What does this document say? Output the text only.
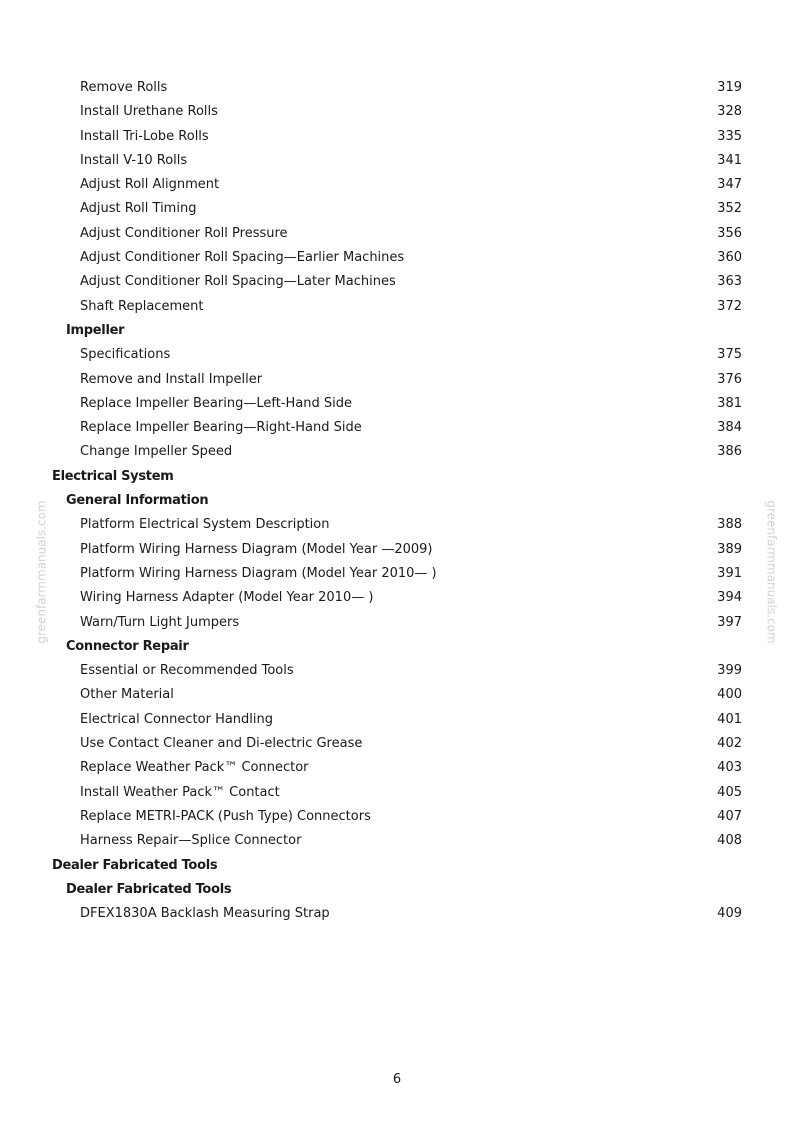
greenfarmmanuals.com	greenfarmmanuals.com
Remove Rolls	319
Install Urethane Rolls	328
Install Tri-Lobe Rolls	335
Install V-10 Rolls	341
Adjust Roll Alignment	347
Adjust Roll Timing	352
Adjust Conditioner Roll Pressure	356
Adjust Conditioner Roll Spacing—Earlier Machines	360
Adjust Conditioner Roll Spacing—Later Machines	363
Shaft Replacement	372
Impeller
Specifications	375
Remove and Install Impeller	376
Replace Impeller Bearing—Left-Hand Side	381
Replace Impeller Bearing—Right-Hand Side	384
Change Impeller Speed	386
Electrical System
General Information
Platform Electrical System Description	388
Platform Wiring Harness Diagram (Model Year —2009)	389
Platform Wiring Harness Diagram (Model Year 2010— )	391
Wiring Harness Adapter (Model Year 2010— )	394
Warn/Turn Light Jumpers	397
Connector Repair
Essential or Recommended Tools	399
Other Material	400
Electrical Connector Handling	401
Use Contact Cleaner and Di-electric Grease	402
Replace Weather Pack™ Connector	403
Install Weather Pack™ Contact	405
Replace METRI-PACK (Push Type) Connectors	407
Harness Repair—Splice Connector	408
Dealer Fabricated Tools
Dealer Fabricated Tools
DFEX1830A Backlash Measuring Strap	409
6
